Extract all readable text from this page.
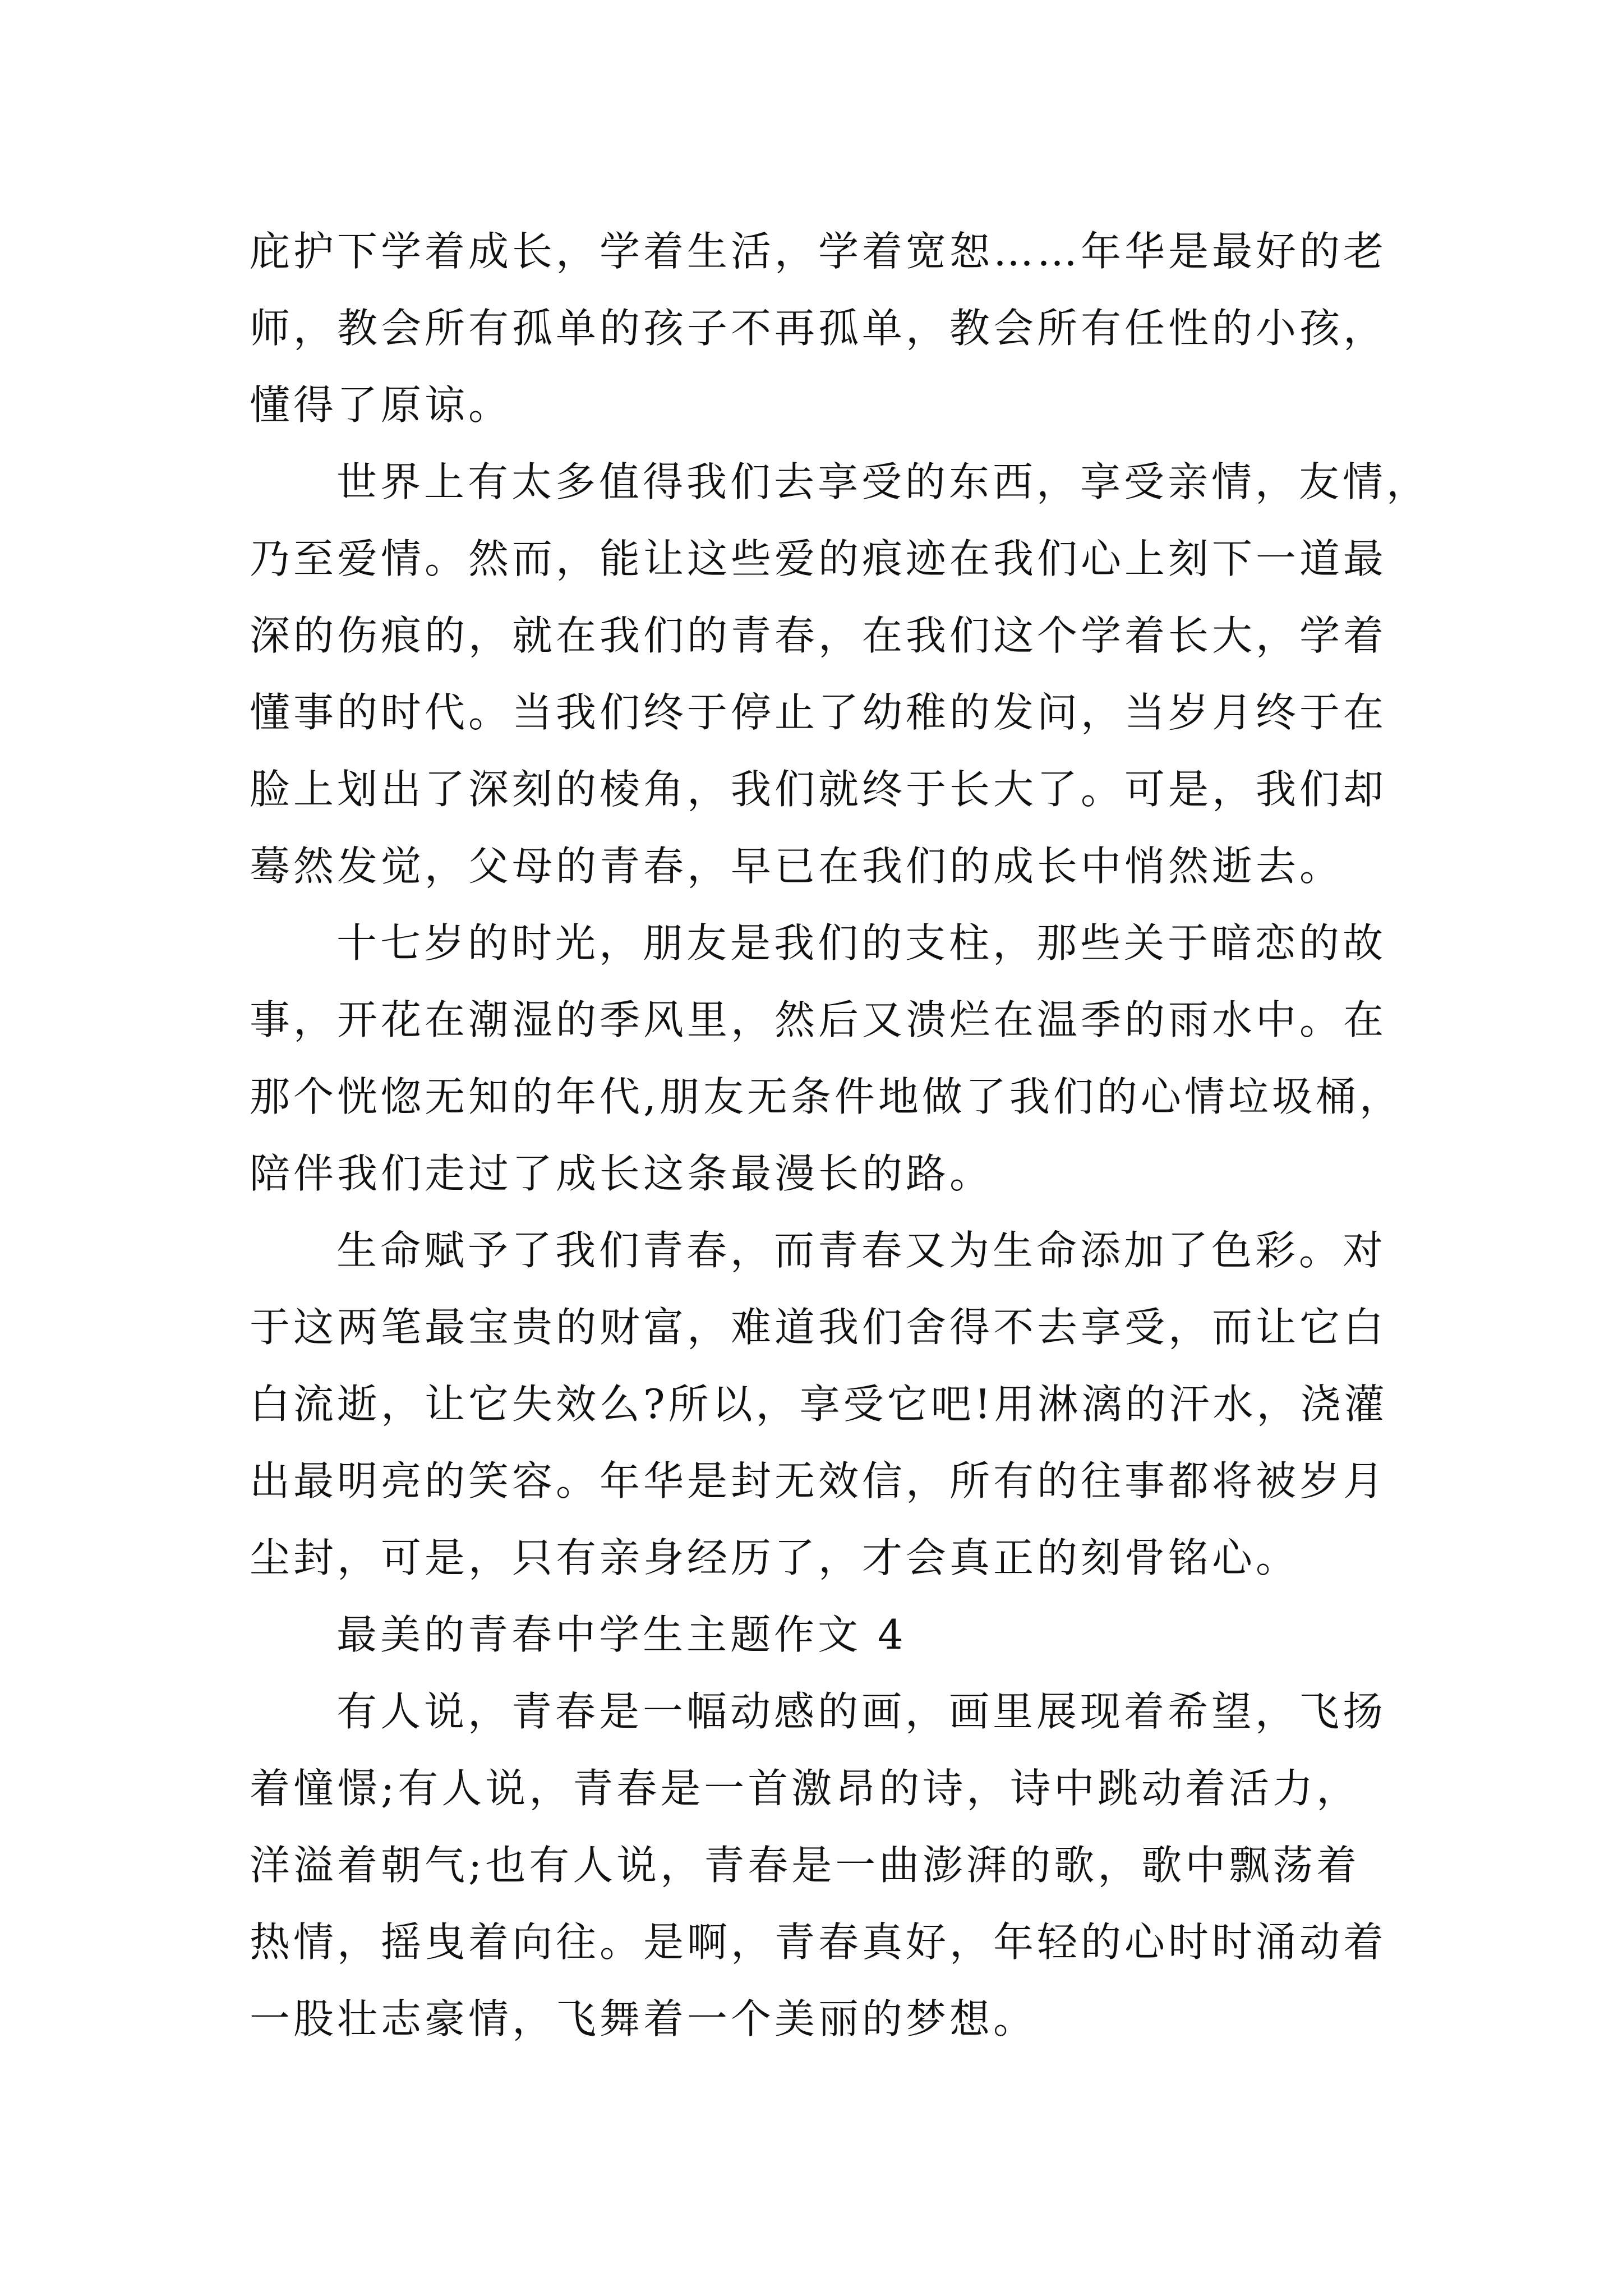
庇护下学着成长，学着生活，学着宽恕……年华是最好的老
师，教会所有孤单的孩子不再孤单，教会所有任性的小孩，
懂得了原谅。
世界上有太多值得我们去享受的东西，享受亲情，友情，
乃至爱情。然而，能让这些爱的痕迹在我们心上刻下一道最
深的伤痕的，就在我们的青春，在我们这个学着长大，学着
懂事的时代。当我们终于停止了幼稚的发问，当岁月终于在
脸上划出了深刻的棱角，我们就终于长大了。可是，我们却
蓦然发觉，父母的青春，早已在我们的成长中悄然逝去。
十七岁的时光，朋友是我们的支柱，那些关于暗恋的故
事，开花在潮湿的季风里，然后又溃烂在温季的雨水中。在
那个恍惚无知的年代,朋友无条件地做了我们的心情垃圾桶，
陪伴我们走过了成长这条最漫长的路。
生命赋予了我们青春，而青春又为生命添加了色彩。对
于这两笔最宝贵的财富，难道我们舍得不去享受，而让它白
白流逝，让它失效么?所以，享受它吧!用淋漓的汗水，浇灌
出最明亮的笑容。年华是封无效信，所有的往事都将被岁月
尘封，可是，只有亲身经历了，才会真正的刻骨铭心。
最美的青春中学生主题作文 4
有人说，青春是一幅动感的画，画里展现着希望，飞扬
着憧憬;有人说，青春是一首激昂的诗，诗中跳动着活力，
洋溢着朝气;也有人说，青春是一曲澎湃的歌，歌中飘荡着
热情，摇曳着向往。是啊，青春真好，年轻的心时时涌动着
一股壮志豪情，飞舞着一个美丽的梦想。
